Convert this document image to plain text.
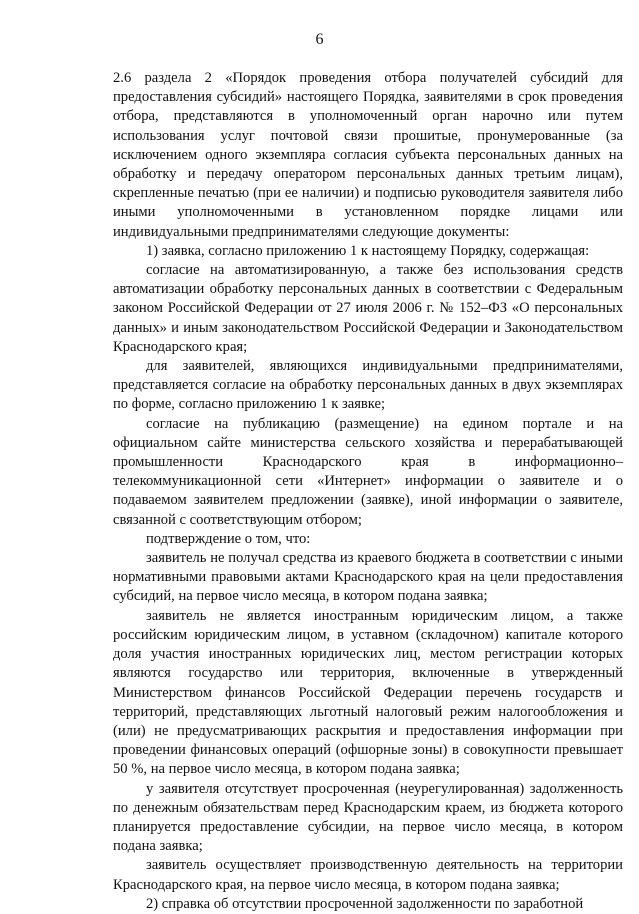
6

2.6 раздела 2 «Порядок проведения отбора получателей субсидий для предоставления субсидий» настоящего Порядка, заявителями в срок проведения отбора, представляются в уполномоченный орган нарочно или путем использования услуг почтовой связи прошитые, пронумерованные (за исключением одного экземпляра согласия субъекта персональных данных на обработку и передачу оператором персональных данных третьим лицам), скрепленные печатью (при ее наличии) и подписью руководителя заявителя либо иными уполномоченными в установленном порядке лицами или индивидуальными предпринимателями следующие документы:

1) заявка, согласно приложению 1 к настоящему Порядку, содержащая:

согласие на автоматизированную, а также без использования средств автоматизации обработку персональных данных в соответствии с Федеральным законом Российской Федерации от 27 июля 2006 г. № 152–ФЗ «О персональных данных» и иным законодательством Российской Федерации и Законодательством Краснодарского края;

для заявителей, являющихся индивидуальными предпринимателями, представляется согласие на обработку персональных данных в двух экземплярах по форме, согласно приложению 1 к заявке;

согласие на публикацию (размещение) на едином портале и на официальном сайте министерства сельского хозяйства и перерабатывающей промышленности Краснодарского края в информационно–телекоммуникационной сети «Интернет» информации о заявителе и о подаваемом заявителем предложении (заявке), иной информации о заявителе, связанной с соответствующим отбором;

подтверждение о том, что:

заявитель не получал средства из краевого бюджета в соответствии с иными нормативными правовыми актами Краснодарского края на цели предоставления субсидий, на первое число месяца, в котором подана заявка;

заявитель не является иностранным юридическим лицом, а также российским юридическим лицом, в уставном (складочном) капитале которого доля участия иностранных юридических лиц, местом регистрации которых являются государство или территория, включенные в утвержденный Министерством финансов Российской Федерации перечень государств и территорий, представляющих льготный налоговый режим налогообложения и (или) не предусматривающих раскрытия и предоставления информации при проведении финансовых операций (офшорные зоны) в совокупности превышает 50 %, на первое число месяца, в котором подана заявка;

у заявителя отсутствует просроченная (неурегулированная) задолженность по денежным обязательствам перед Краснодарским краем, из бюджета которого планируется предоставление субсидии, на первое число месяца, в котором подана заявка;

заявитель осуществляет производственную деятельность на территории Краснодарского края, на первое число месяца, в котором подана заявка;

2) справка об отсутствии просроченной задолженности по заработной
